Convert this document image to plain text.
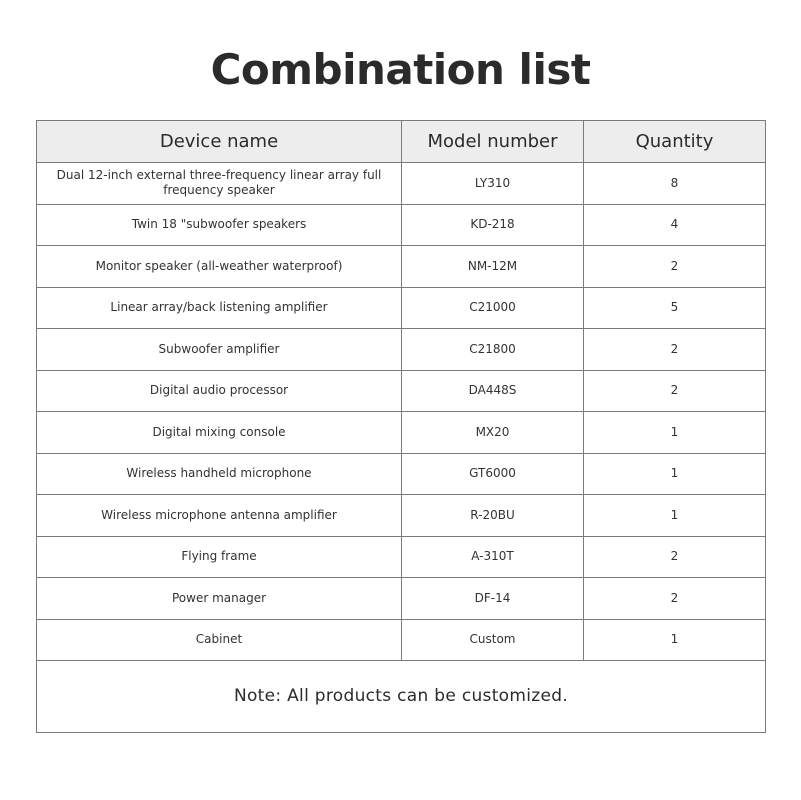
Combination list
Device name	Model number	Quantity
Dual 12-inch external three-frequency linear array full frequency speaker	LY310	8
Twin 18 "subwoofer speakers	KD-218	4
Monitor speaker (all-weather waterproof)	NM-12M	2
Linear array/back listening amplifier	C21000	5
Subwoofer amplifier	C21800	2
Digital audio processor	DA448S	2
Digital mixing console	MX20	1
Wireless handheld microphone	GT6000	1
Wireless microphone antenna amplifier	R-20BU	1
Flying frame	A-310T	2
Power manager	DF-14	2
Cabinet	Custom	1
Note: All products can be customized.		
